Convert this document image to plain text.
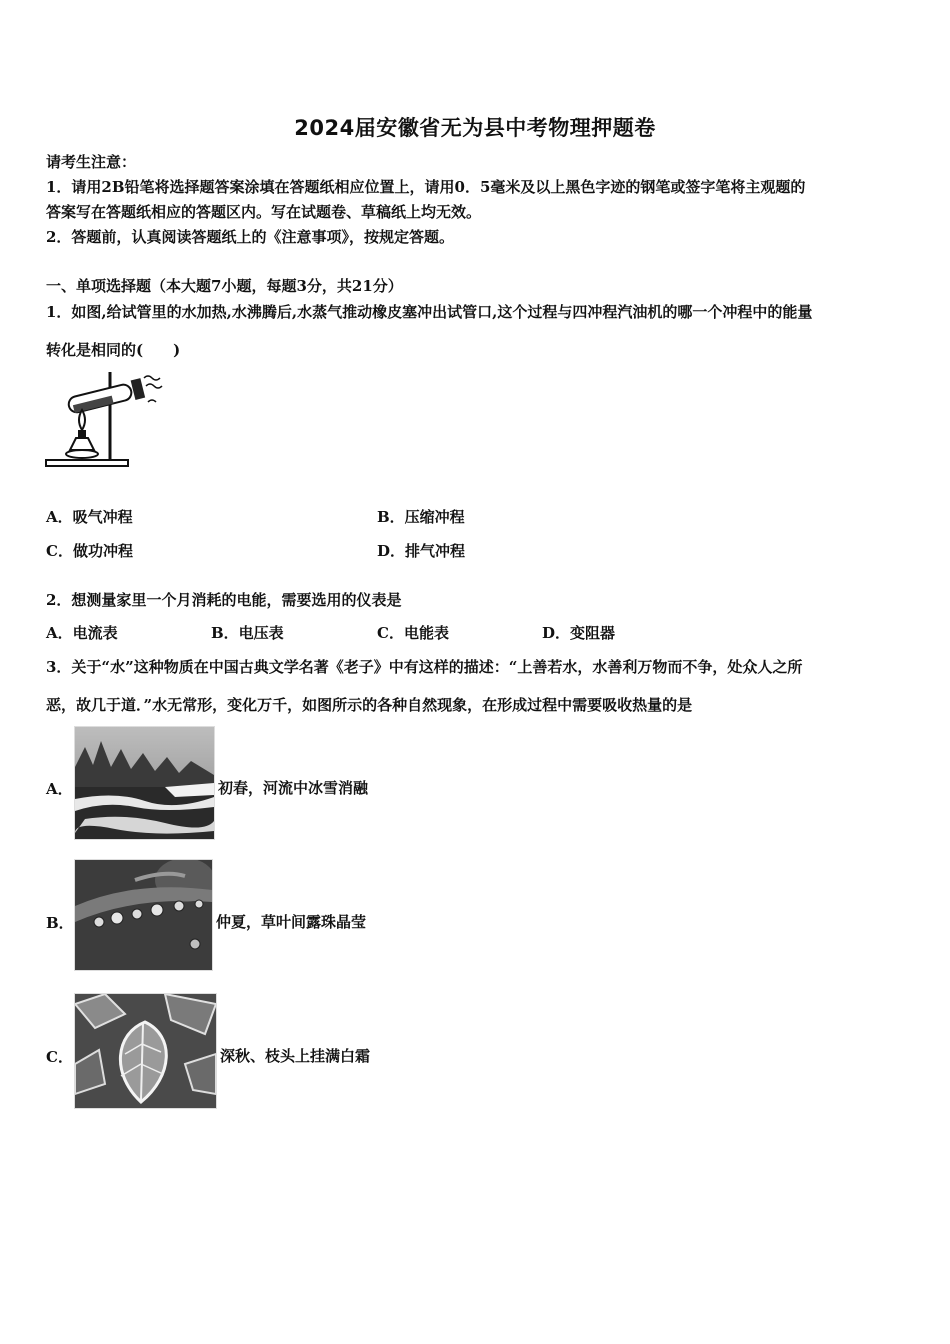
2024届安徽省无为县中考物理押题卷
请考生注意：
1．请用2B铅笔将选择题答案涂填在答题纸相应位置上，请用0．5毫米及以上黑色字迹的钢笔或签字笔将主观题的
答案写在答题纸相应的答题区内。写在试题卷、草稿纸上均无效。
2．答题前，认真阅读答题纸上的《注意事项》，按规定答题。
一、单项选择题（本大题7小题，每题3分，共21分）
1．如图,给试管里的水加热,水沸腾后,水蒸气推动橡皮塞冲出试管口,这个过程与四冲程汽油机的哪一个冲程中的能量
转化是相同的(　　)
A．吸气冲程	B．压缩冲程
C．做功冲程	D．排气冲程
2．想测量家里一个月消耗的电能，需要选用的仪表是
A．电流表	B．电压表	C．电能表	D．变阻器
3．关于“水”这种物质在中国古典文学名著《老子》中有这样的描述：“上善若水，水善利万物而不争，处众人之所
恶，故几于道．”水无常形，变化万千，如图所示的各种自然现象，在形成过程中需要吸收热量的是
A．	初春，河流中冰雪消融
B．	仲夏，草叶间露珠晶莹
C．	深秋、枝头上挂满白霜
